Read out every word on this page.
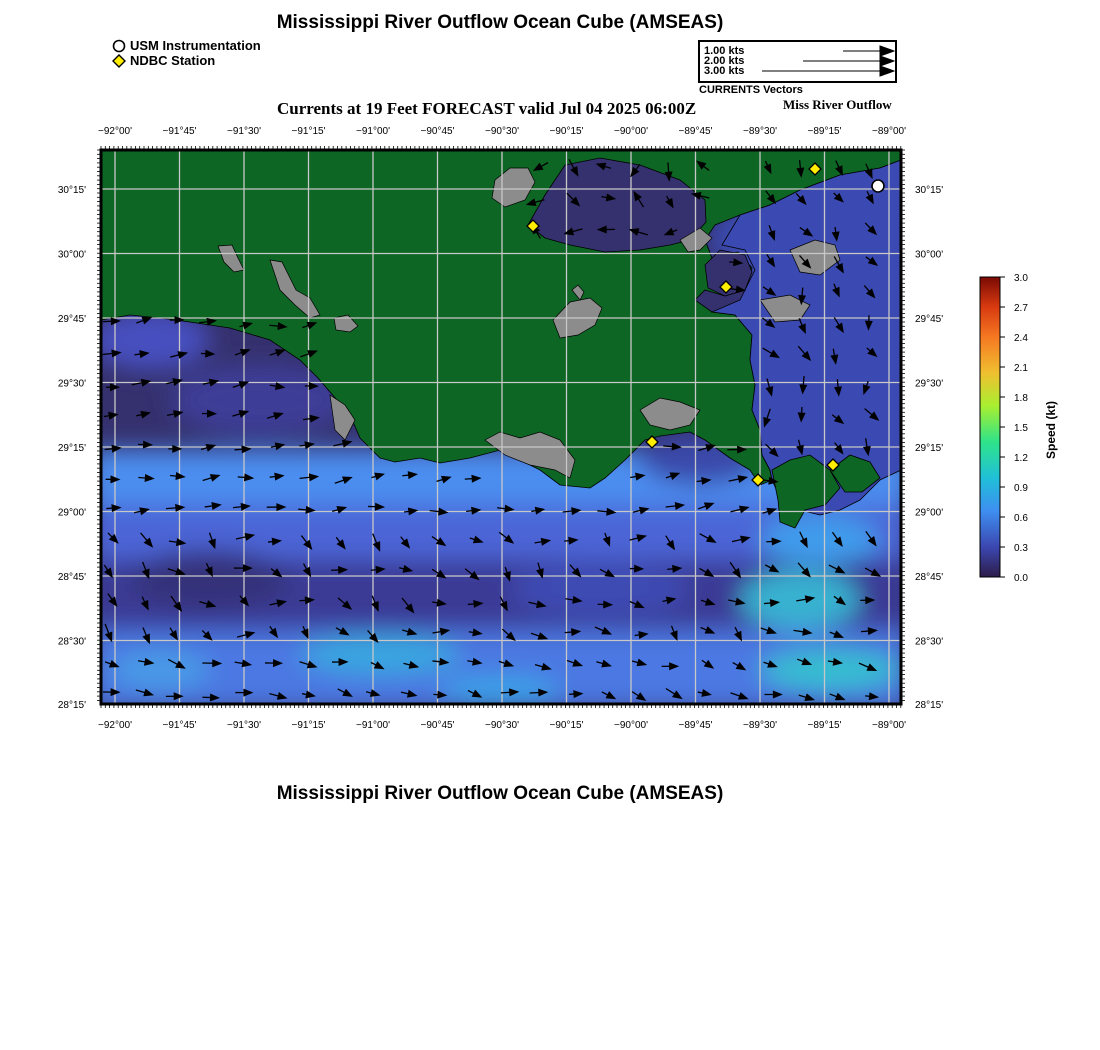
Mississippi River Outflow Ocean Cube (AMSEAS)
USM Instrumentation
NDBC Station
1.00 kts
2.00 kts
3.00 kts
CURRENTS Vectors
Currents at 19 Feet FORECAST valid Jul 04 2025 06:00Z	Miss River Outflow
−92°00'	−91°45'	−91°30'	−91°15'	−91°00'	−90°45'	−90°30'	−90°15'	−90°00'	−89°45'	−89°30'	−89°15'	−89°00'
−92°00'	−91°45'	−91°30'	−91°15'	−91°00'	−90°45'	−90°30'	−90°15'	−90°00'	−89°45'	−89°30'	−89°15'	−89°00'
30°15'
30°00'
29°45'
29°30'
29°15'
29°00'
28°45'
28°30'
28°15'
30°15'
30°00'
29°45'
29°30'
29°15'
29°00'
28°45'
28°30'
28°15'
3.0
2.7
2.4
2.1
1.8
1.5
1.2
0.9
0.6
0.3
0.0
Speed (kt)
Mississippi River Outflow Ocean Cube (AMSEAS)
